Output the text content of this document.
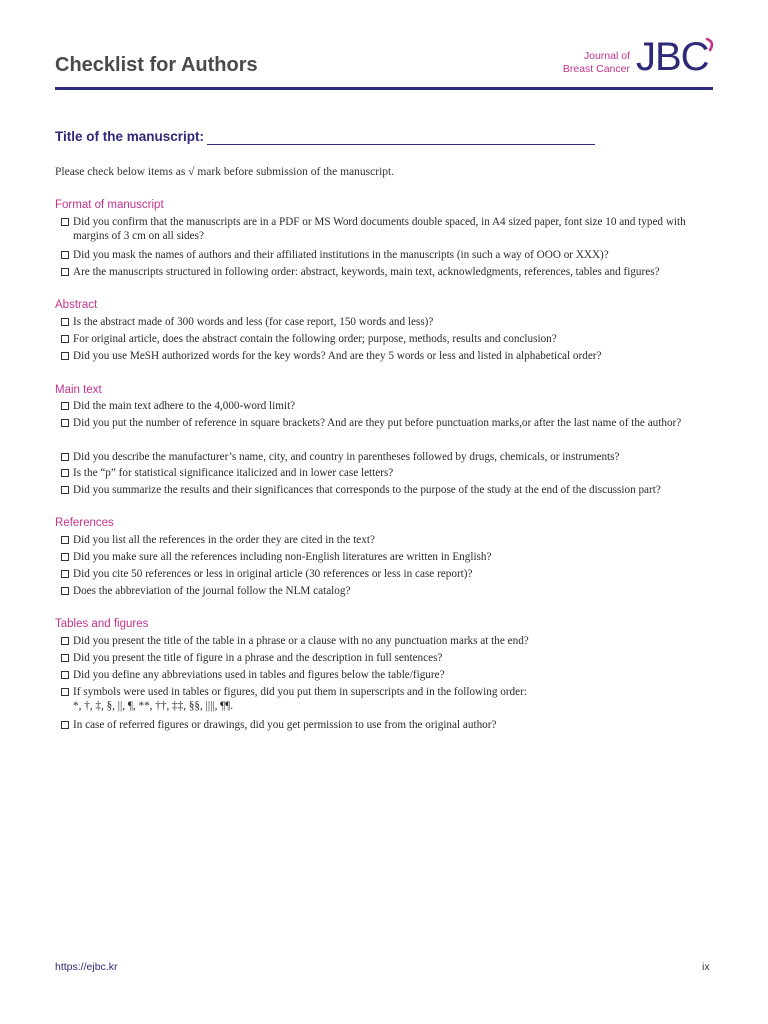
Checklist for Authors	Journal of
Breast Cancer JBC
Title of the manuscript:
Please check below items as √ mark before submission of the manuscript.
Format of manuscript
Did you confirm that the manuscripts are in a PDF or MS Word documents double spaced, in A4 sized paper, font size 10 and typed with margins of 3 cm on all sides?
Did you mask the names of authors and their affiliated institutions in the manuscripts (in such a way of OOO or XXX)?
Are the manuscripts structured in following order: abstract, keywords, main text, acknowledgments, references, tables and figures?
Abstract
Is the abstract made of 300 words and less (for case report, 150 words and less)?
For original article, does the abstract contain the following order; purpose, methods, results and conclusion?
Did you use MeSH authorized words for the key words? And are they 5 words or less and listed in alphabetical order?
Main text
Did the main text adhere to the 4,000-word limit?
Did you put the number of reference in square brackets? And are they put before punctuation marks,or after the last name of the author?
Did you describe the manufacturer’s name, city, and country in parentheses followed by drugs, chemicals, or instruments?
Is the “p” for statistical significance italicized and in lower case letters?
Did you summarize the results and their significances that corresponds to the purpose of the study at the end of the discussion part?
References
Did you list all the references in the order they are cited in the text?
Did you make sure all the references including non-English literatures are written in English?
Did you cite 50 references or less in original article (30 references or less in case report)?
Does the abbreviation of the journal follow the NLM catalog?
Tables and figures
Did you present the title of the table in a phrase or a clause with no any punctuation marks at the end?
Did you present the title of figure in a phrase and the description in full sentences?
Did you define any abbreviations used in tables and figures below the table/figure?
If symbols were used in tables or figures, did you put them in superscripts and in the following order:
*, †, ‡, §, ||, ¶, **, ††, ‡‡, §§, ||||, ¶¶.
In case of referred figures or drawings, did you get permission to use from the original author?
https://ejbc.kr	ix
